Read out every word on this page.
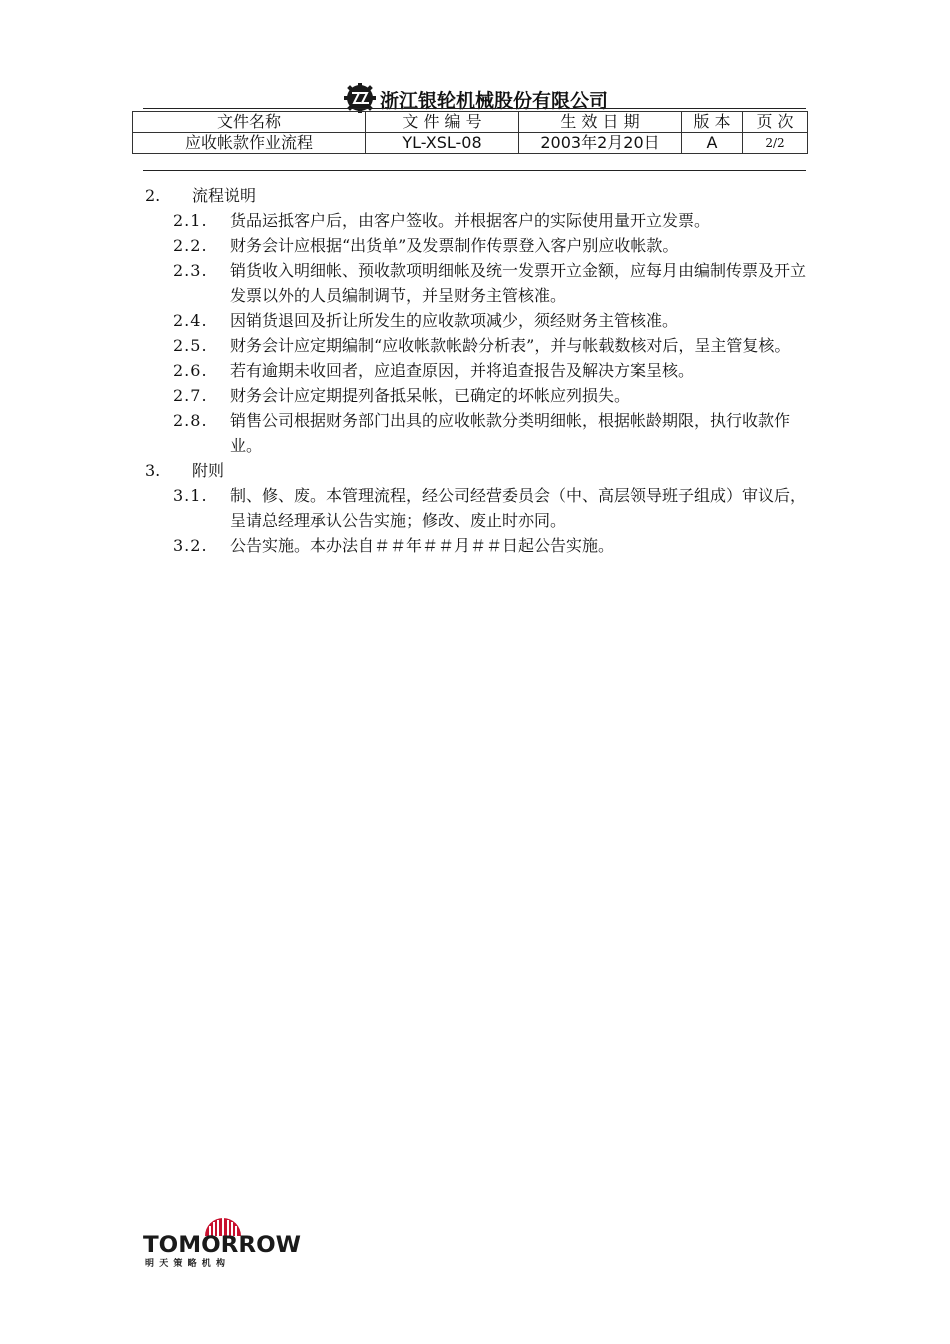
浙江银轮机械股份有限公司
文件名称	文 件 编 号	生 效 日 期	版 本	页 次
应收帐款作业流程	YL-XSL-08	2003年2月20日	A	2/2
2.	流程说明
2.1.	货品运抵客户后，由客户签收。并根据客户的实际使用量开立发票。
2.2.	财务会计应根据“出货单”及发票制作传票登入客户别应收帐款。
2.3.	销货收入明细帐、预收款项明细帐及统一发票开立金额，应每月由编制传票及开立发票以外的人员编制调节，并呈财务主管核准。
2.4.	因销货退回及折让所发生的应收款项减少，须经财务主管核准。
2.5.	财务会计应定期编制“应收帐款帐龄分析表”，并与帐载数核对后，呈主管复核。
2.6.	若有逾期未收回者，应追查原因，并将追查报告及解决方案呈核。
2.7.	财务会计应定期提列备抵呆帐，已确定的坏帐应列损失。
2.8.	销售公司根据财务部门出具的应收帐款分类明细帐，根据帐龄期限，执行收款作业。
3.	附则
3.1.	制、修、废。本管理流程，经公司经营委员会（中、高层领导班子组成）审议后，呈请总经理承认公告实施；修改、废止时亦同。
3.2.	公告实施。本办法自＃＃年＃＃月＃＃日起公告实施。
TOMORROW
明天策略机构
